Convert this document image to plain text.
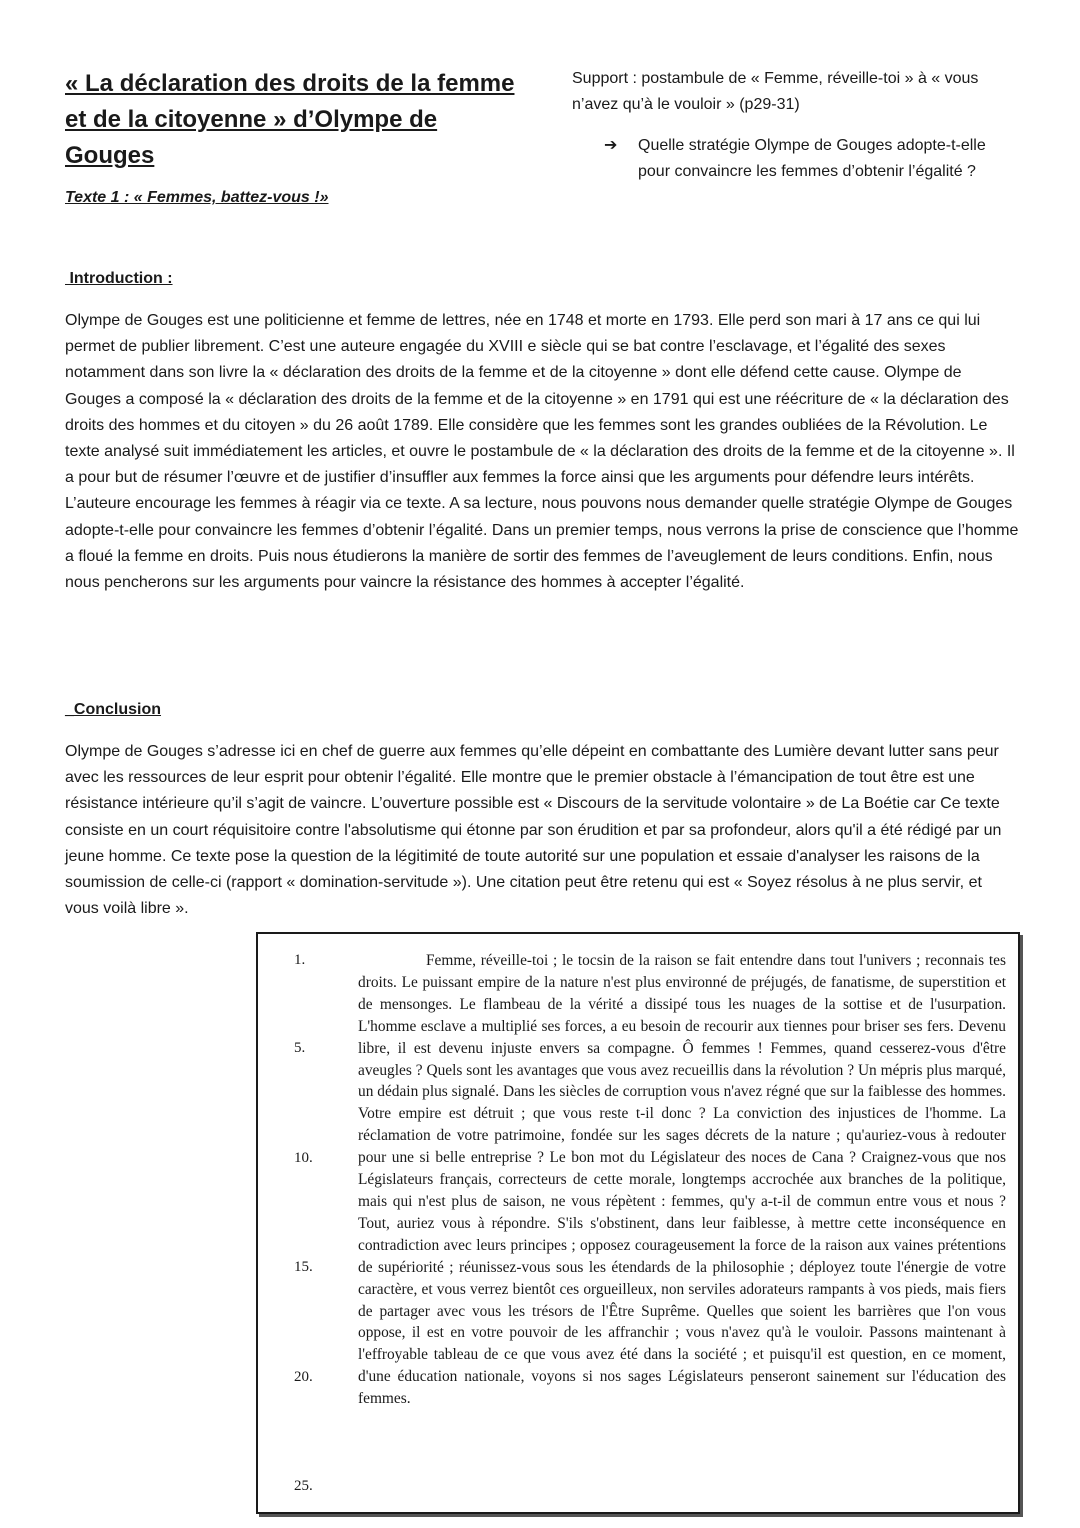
« La déclaration des droits de la femme et de la citoyenne » d’Olympe de Gouges
Texte 1 : « Femmes, battez-vous !»

Support : postambule de « Femme, réveille-toi » à « vous n’avez qu’à le vouloir » (p29-31)

➔	Quelle stratégie Olympe de Gouges adopte-t-elle pour convaincre les femmes d’obtenir l’égalité ?
Introduction :

Olympe de Gouges est une politicienne et femme de lettres, née en 1748 et morte en 1793. Elle perd son mari à 17 ans ce qui lui permet de publier librement. C’est une auteure engagée du XVIII e siècle qui se bat contre l’esclavage, et l’égalité des sexes notamment dans son livre la « déclaration des droits de la femme et de la citoyenne » dont elle défend cette cause. Olympe de Gouges a composé la « déclaration des droits de la femme et de la citoyenne » en 1791 qui est une réécriture de « la déclaration des droits des hommes et du citoyen » du 26 août 1789. Elle considère que les femmes sont les grandes oubliées de la Révolution. Le texte analysé suit immédiatement les articles, et ouvre le postambule de « la déclaration des droits de la femme et de la citoyenne ». Il a pour but de résumer l’œuvre et de justifier d’insuffler aux femmes la force ainsi que les arguments pour défendre leurs intérêts. L’auteure encourage les femmes à réagir via ce texte. A sa lecture, nous pouvons nous demander quelle stratégie Olympe de Gouges adopte-t-elle pour convaincre les femmes d’obtenir l’égalité. Dans un premier temps, nous verrons la prise de conscience que l’homme a floué la femme en droits. Puis nous étudierons la manière de sortir des femmes de l’aveuglement de leurs conditions. Enfin, nous nous pencherons sur les arguments pour vaincre la résistance des hommes à accepter l’égalité.

_Conclusion

Olympe de Gouges s’adresse ici en chef de guerre aux femmes qu’elle dépeint en combattante des Lumière devant lutter sans peur avec les ressources de leur esprit pour obtenir l’égalité. Elle montre que le premier obstacle à l’émancipation de tout être est une résistance intérieure qu’il s’agit de vaincre. L’ouverture possible est « Discours de la servitude volontaire » de La Boétie car Ce texte consiste en un court réquisitoire contre l'absolutisme qui étonne par son érudition et par sa profondeur, alors qu'il a été rédigé par un jeune homme. Ce texte pose la question de la légitimité de toute autorité sur une population et essaie d'analyser les raisons de la soumission de celle-ci (rapport « domination-servitude »). Une citation peut être retenu qui est « Soyez résolus à ne plus servir, et vous voilà libre ».

1.
5.
10.
15.
20.
25.

Femme, réveille-toi ; le tocsin de la raison se fait entendre dans tout l'univers ; reconnais tes droits. Le puissant empire de la nature n'est plus environné de préjugés, de fanatisme, de superstition et de mensonges. Le flambeau de la vérité a dissipé tous les nuages de la sottise et de l'usurpation. L'homme esclave a multiplié ses forces, a eu besoin de recourir aux tiennes pour briser ses fers. Devenu libre, il est devenu injuste envers sa compagne. Ô femmes ! Femmes, quand cesserez-vous d'être aveugles ? Quels sont les avantages que vous avez recueillis dans la révolution ? Un mépris plus marqué, un dédain plus signalé. Dans les siècles de corruption vous n'avez régné que sur la faiblesse des hommes. Votre empire est détruit ; que vous reste t-il donc ? La conviction des injustices de l'homme. La réclamation de votre patrimoine, fondée sur les sages décrets de la nature ; qu'auriez-vous à redouter pour une si belle entreprise ? Le bon mot du Législateur des noces de Cana ? Craignez-vous que nos Législateurs français, correcteurs de cette morale, longtemps accrochée aux branches de la politique, mais qui n'est plus de saison, ne vous répètent : femmes, qu'y a-t-il de commun entre vous et nous ? Tout, auriez vous à répondre. S'ils s'obstinent, dans leur faiblesse, à mettre cette inconséquence en contradiction avec leurs principes ; opposez courageusement la force de la raison aux vaines prétentions de supériorité ; réunissez-vous sous les étendards de la philosophie ; déployez toute l'énergie de votre caractère, et vous verrez bientôt ces orgueilleux, non serviles adorateurs rampants à vos pieds, mais fiers de partager avec vous les trésors de l'Être Suprême. Quelles que soient les barrières que l'on vous oppose, il est en votre pouvoir de les affranchir ; vous n'avez qu'à le vouloir. Passons maintenant à l'effroyable tableau de ce que vous avez été dans la société ; et puisqu'il est question, en ce moment, d'une éducation nationale, voyons si nos sages Législateurs penseront sainement sur l'éducation des femmes.
